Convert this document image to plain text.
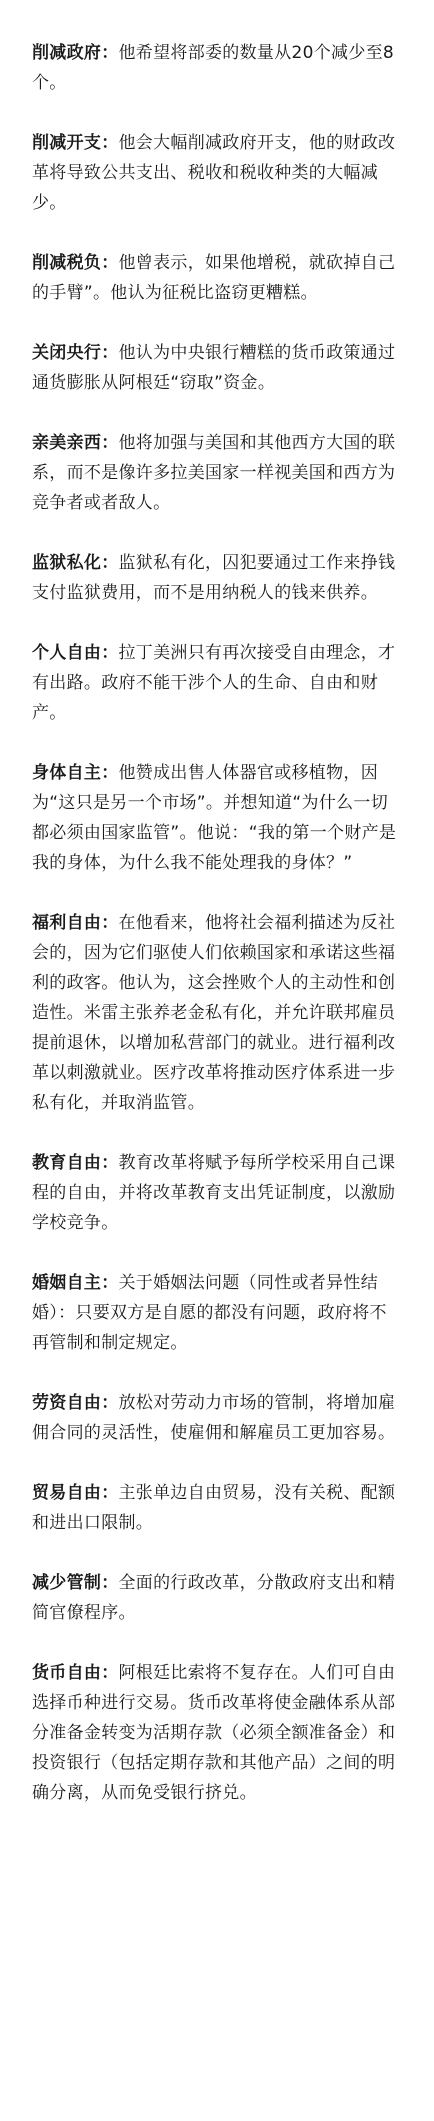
削减政府：他希望将部委的数量从20个减少至8个。

削减开支：他会大幅削减政府开支，他的财政改革将导致公共支出、税收和税收种类的大幅减少。

削减税负：他曾表示，如果他增税，就砍掉自己的手臂”。他认为征税比盗窃更糟糕。

关闭央行：他认为中央银行糟糕的货币政策通过通货膨胀从阿根廷“窃取”资金。

亲美亲西：他将加强与美国和其他西方大国的联系，而不是像许多拉美国家一样视美国和西方为竞争者或者敌人。

监狱私化：监狱私有化，囚犯要通过工作来挣钱支付监狱费用，而不是用纳税人的钱来供养。

个人自由：拉丁美洲只有再次接受自由理念，才有出路。政府不能干涉个人的生命、自由和财产。

身体自主：他赞成出售人体器官或移植物，因为“这只是另一个市场”。并想知道“为什么一切都必须由国家监管”。他说：“我的第一个财产是我的身体，为什么我不能处理我的身体？”

福利自由：在他看来，他将社会福利描述为反社会的，因为它们驱使人们依赖国家和承诺这些福利的政客。他认为，这会挫败个人的主动性和创造性。米雷主张养老金私有化，并允许联邦雇员提前退休，以增加私营部门的就业。进行福利改革以刺激就业。医疗改革将推动医疗体系进一步私有化，并取消监管。

教育自由：教育改革将赋予每所学校采用自己课程的自由，并将改革教育支出凭证制度，以激励学校竞争。

婚姻自主：关于婚姻法问题（同性或者异性结婚）：只要双方是自愿的都没有问题，政府将不再管制和制定规定。

劳资自由：放松对劳动力市场的管制，将增加雇佣合同的灵活性，使雇佣和解雇员工更加容易。

贸易自由：主张单边自由贸易，没有关税、配额和进出口限制。

减少管制：全面的行政改革，分散政府支出和精简官僚程序。

货币自由：阿根廷比索将不复存在。人们可自由选择币种进行交易。货币改革将使金融体系从部分准备金转变为活期存款（必须全额准备金）和投资银行（包括定期存款和其他产品）之间的明确分离，从而免受银行挤兑。
